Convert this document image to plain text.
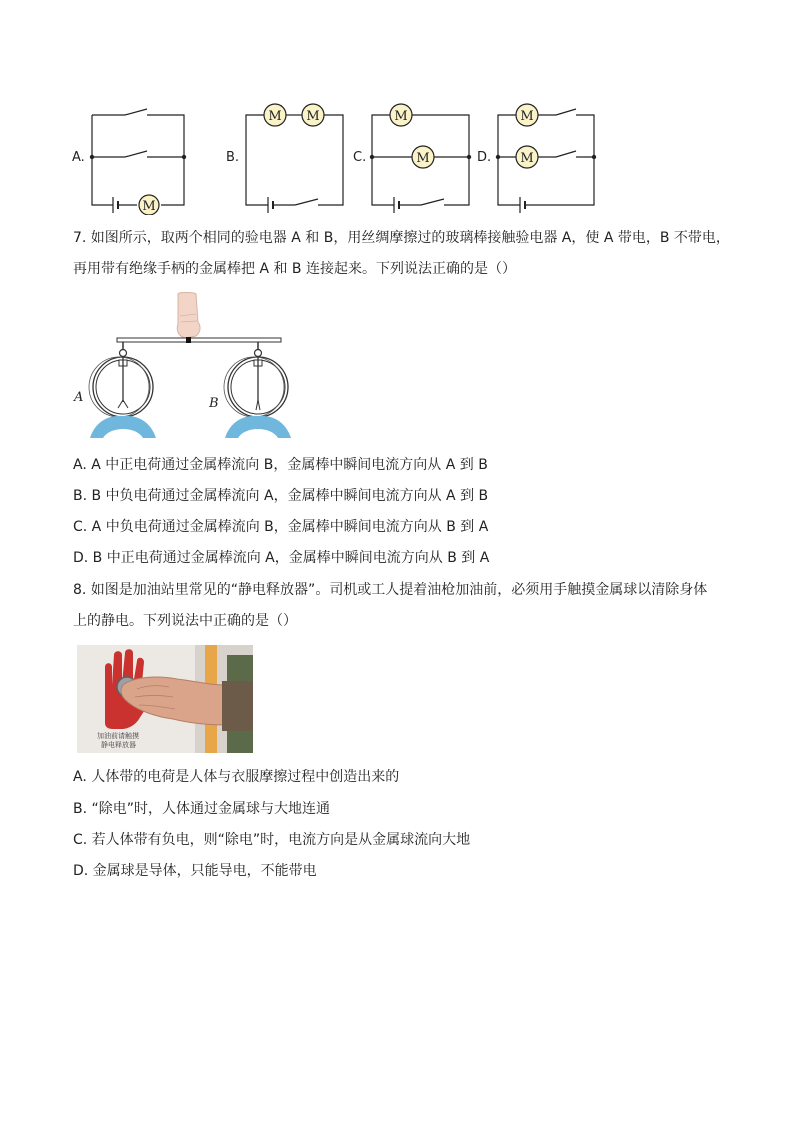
A.
M
B.
M M
C.
M
M	D.
M
M
7. 如图所示，取两个相同的验电器 A 和 B，用丝绸摩擦过的玻璃棒接触验电器 A，使 A 带电，B 不带电，
再用带有绝缘手柄的金属棒把 A 和 B 连接起来。下列说法正确的是（）
A	B
A. A 中正电荷通过金属棒流向 B，金属棒中瞬间电流方向从 A 到 B
B. B 中负电荷通过金属棒流向 A，金属棒中瞬间电流方向从 A 到 B
C. A 中负电荷通过金属棒流向 B，金属棒中瞬间电流方向从 B 到 A
D. B 中正电荷通过金属棒流向 A，金属棒中瞬间电流方向从 B 到 A
8. 如图是加油站里常见的“静电释放器”。司机或工人提着油枪加油前，必须用手触摸金属球以清除身体
上的静电。下列说法中正确的是（）
加油前请触摸
静电释放器
A. 人体带的电荷是人体与衣服摩擦过程中创造出来的
B. “除电”时，人体通过金属球与大地连通
C. 若人体带有负电，则“除电”时，电流方向是从金属球流向大地
D. 金属球是导体，只能导电，不能带电
